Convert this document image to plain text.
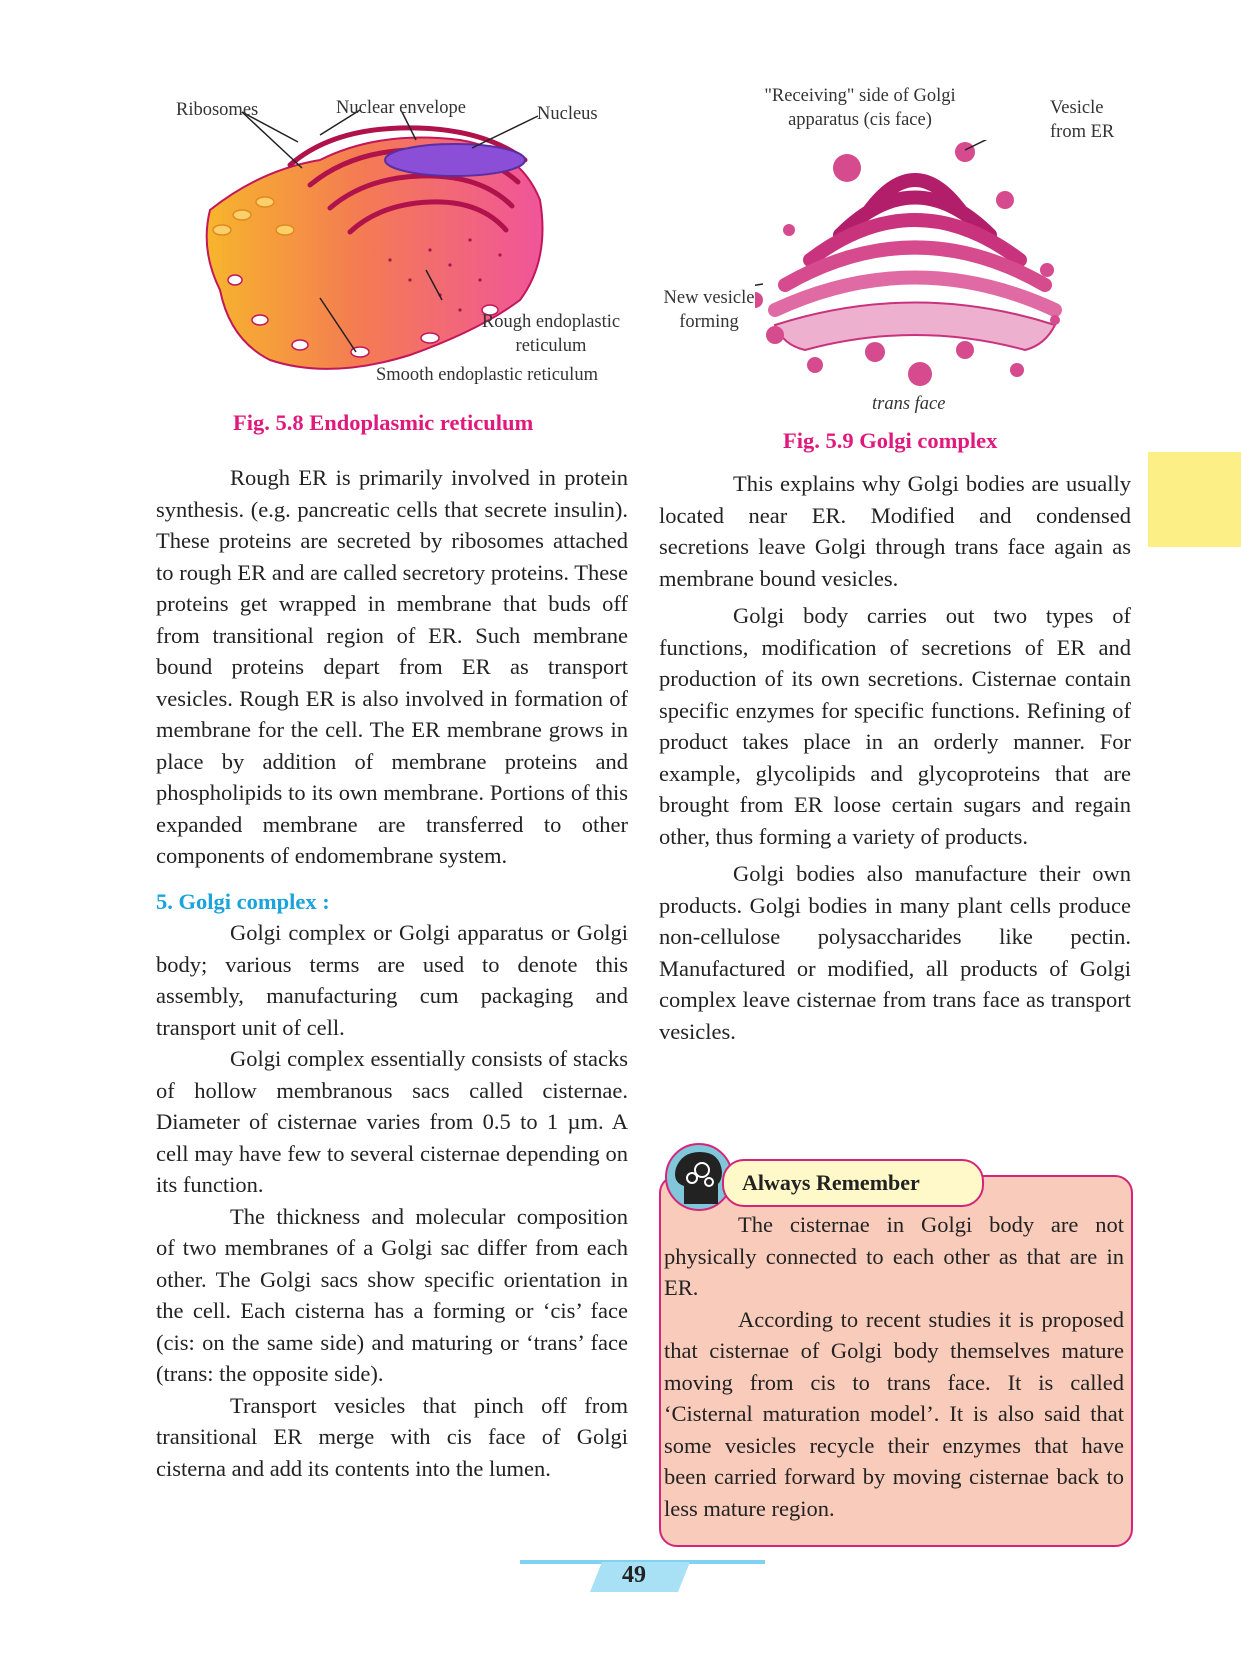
Ribosomes	Nuclear envelope	Nucleus
Rough endoplastic reticulum
Smooth endoplastic reticulum
Fig. 5.8 Endoplasmic reticulum
"Receiving" side of Golgi apparatus (cis face)
Vesicle from ER
New vesicle forming
trans face
Fig. 5.9 Golgi complex

Rough ER is primarily involved in protein synthesis. (e.g. pancreatic cells that secrete insulin). These proteins are secreted by ribosomes attached to rough ER and are called secretory proteins. These proteins get wrapped in membrane that buds off from transitional region of ER. Such membrane bound proteins depart from ER as transport vesicles. Rough ER is also involved in formation of membrane for the cell. The ER membrane grows in place by addition of membrane proteins and phospholipids to its own membrane. Portions of this expanded membrane are transferred to other components of endomembrane system.

5. Golgi complex :

Golgi complex or Golgi apparatus or Golgi body; various terms are used to denote this assembly, manufacturing cum packaging and transport unit of cell.

Golgi complex essentially consists of stacks of hollow membranous sacs called cisternae. Diameter of cisternae varies from 0.5 to 1 µm. A cell may have few to several cisternae depending on its function.

The thickness and molecular composition of two membranes of a Golgi sac differ from each other. The Golgi sacs show specific orientation in the cell. Each cisterna has a forming or ‘cis’ face (cis: on the same side) and maturing or ‘trans’ face (trans: the opposite side).

Transport vesicles that pinch off from transitional ER merge with cis face of Golgi cisterna and add its contents into the lumen.

This explains why Golgi bodies are usually located near ER. Modified and condensed secretions leave Golgi through trans face again as membrane bound vesicles.

Golgi body carries out two types of functions, modification of secretions of ER and production of its own secretions. Cisternae contain specific enzymes for specific functions. Refining of product takes place in an orderly manner. For example, glycolipids and glycoproteins that are brought from ER loose certain sugars and regain other, thus forming a variety of products.

Golgi bodies also manufacture their own products. Golgi bodies in many plant cells produce non-cellulose polysaccharides like pectin. Manufactured or modified, all products of Golgi complex leave cisternae from trans face as transport vesicles.

Always Remember

The cisternae in Golgi body are not physically connected to each other as that are in ER.

According to recent studies it is proposed that cisternae of Golgi body themselves mature moving from cis to trans face. It is called ‘Cisternal maturation model’. It is also said that some vesicles recycle their enzymes that have been carried forward by moving cisternae back to less mature region.

49
